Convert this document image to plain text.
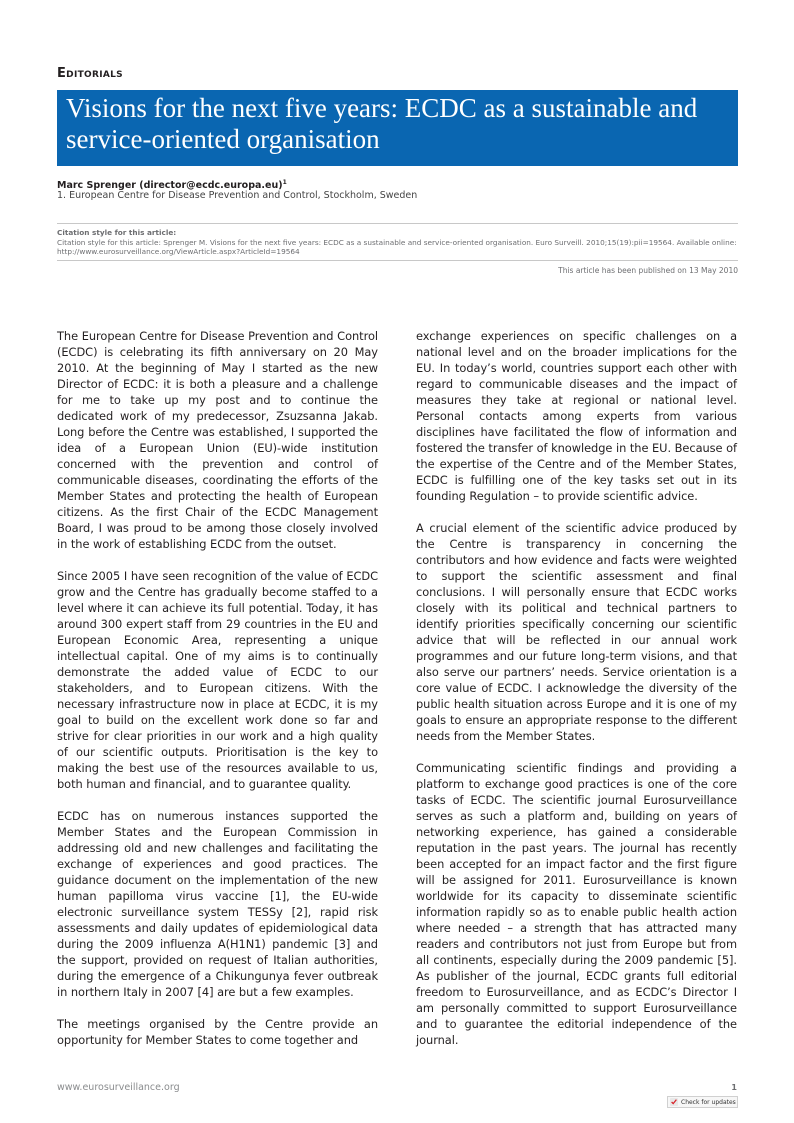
Editorials
Visions for the next five years: ECDC as a sustainable and service-oriented organisation
Marc Sprenger (director@ecdc.europa.eu)$^1$
1. European Centre for Disease Prevention and Control, Stockholm, Sweden
Citation style for this article:
Citation style for this article: Sprenger M. Visions for the next five years: ECDC as a sustainable and service-oriented organisation. Euro Surveill. 2010;15(19):pii=19564. Available online: http://www.eurosurveillance.org/ViewArticle.aspx?ArticleId=19564
This article has been published on 13 May 2010

The European Centre for Disease Prevention and Control (ECDC) is celebrating its fifth anniversary on 20 May 2010. At the beginning of May I started as the new Director of ECDC: it is both a pleasure and a challenge for me to take up my post and to continue the dedicated work of my predecessor, Zsuzsanna Jakab. Long before the Centre was established, I supported the idea of a European Union (EU)-wide institution concerned with the prevention and control of communicable diseases, coordinating the efforts of the Member States and protecting the health of European citizens. As the first Chair of the ECDC Management Board, I was proud to be among those closely involved in the work of establishing ECDC from the outset.

Since 2005 I have seen recognition of the value of ECDC grow and the Centre has gradually become staffed to a level where it can achieve its full potential. Today, it has around 300 expert staff from 29 countries in the EU and European Economic Area, representing a unique intellectual capital. One of my aims is to continually demonstrate the added value of ECDC to our stakeholders, and to European citizens. With the necessary infrastructure now in place at ECDC, it is my goal to build on the excellent work done so far and strive for clear priorities in our work and a high quality of our scientific outputs. Prioritisation is the key to making the best use of the resources available to us, both human and financial, and to guarantee quality.

ECDC has on numerous instances supported the Member States and the European Commission in addressing old and new challenges and facilitating the exchange of experiences and good practices. The guidance document on the implementation of the new human papilloma virus vaccine [1], the EU-wide electronic surveillance system TESSy [2], rapid risk assessments and daily updates of epidemiological data during the 2009 influenza A(H1N1) pandemic [3] and the support, provided on request of Italian authorities, during the emergence of a Chikungunya fever outbreak in northern Italy in 2007 [4] are but a few examples.

The meetings organised by the Centre provide an opportunity for Member States to come together and

exchange experiences on specific challenges on a national level and on the broader implications for the EU. In today’s world, countries support each other with regard to communicable diseases and the impact of measures they take at regional or national level. Personal contacts among experts from various disciplines have facilitated the flow of information and fostered the transfer of knowledge in the EU. Because of the expertise of the Centre and of the Member States, ECDC is fulfilling one of the key tasks set out in its founding Regulation – to provide scientific advice.

A crucial element of the scientific advice produced by the Centre is transparency in concerning the contributors and how evidence and facts were weighted to support the scientific assessment and final conclusions. I will personally ensure that ECDC works closely with its political and technical partners to identify priorities specifically concerning our scientific advice that will be reflected in our annual work programmes and our future long-term visions, and that also serve our partners’ needs. Service orientation is a core value of ECDC. I acknowledge the diversity of the public health situation across Europe and it is one of my goals to ensure an appropriate response to the different needs from the Member States.

Communicating scientific findings and providing a platform to exchange good practices is one of the core tasks of ECDC. The scientific journal Eurosurveillance serves as such a platform and, building on years of networking experience, has gained a considerable reputation in the past years. The journal has recently been accepted for an impact factor and the first figure will be assigned for 2011. Eurosurveillance is known worldwide for its capacity to disseminate scientific information rapidly so as to enable public health action where needed – a strength that has attracted many readers and contributors not just from Europe but from all continents, especially during the 2009 pandemic [5]. As publisher of the journal, ECDC grants full editorial freedom to Eurosurveillance, and as ECDC’s Director I am personally committed to support Eurosurveillance and to guarantee the editorial independence of the journal.

www.eurosurveillance.org	1
Check for updates
